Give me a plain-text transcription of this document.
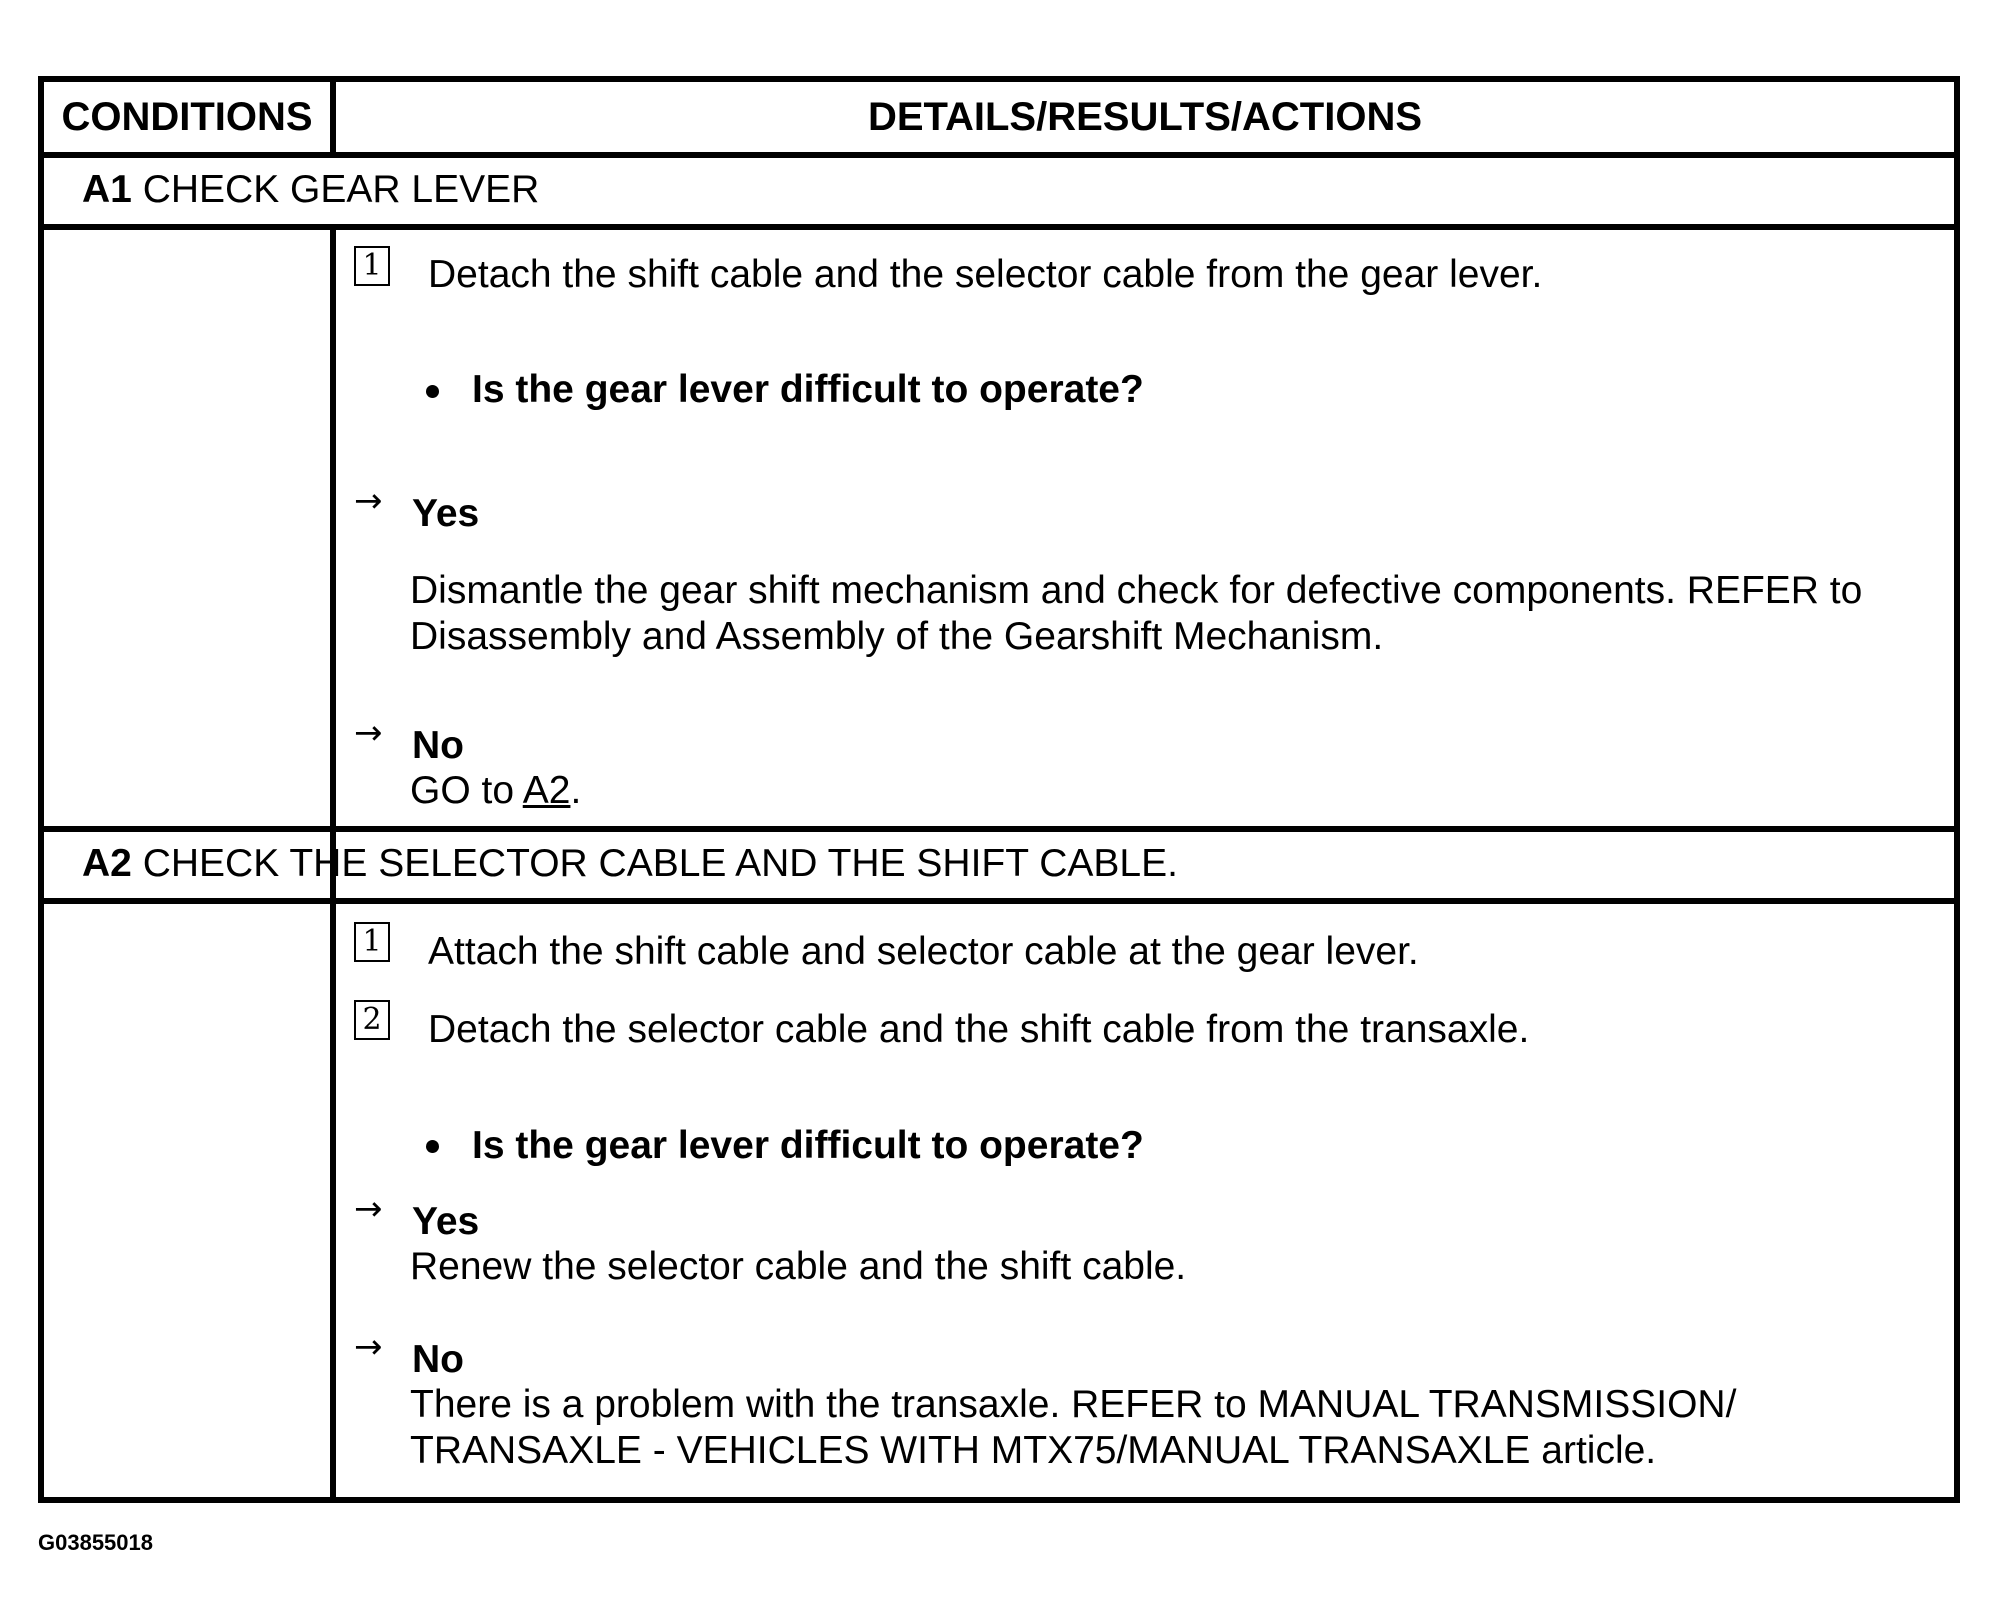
CONDITIONS	DETAILS/RESULTS/ACTIONS
A1 CHECK GEAR LEVER
1 Detach the shift cable and the selector cable from the gear lever.
Is the gear lever difficult to operate?
→ Yes
Dismantle the gear shift mechanism and check for defective components. REFER to Disassembly and Assembly of the Gearshift Mechanism.
→ No
GO to A2.
A2 CHECK THE SELECTOR CABLE AND THE SHIFT CABLE.
1 Attach the shift cable and selector cable at the gear lever.
2 Detach the selector cable and the shift cable from the transaxle.
Is the gear lever difficult to operate?
→ Yes
Renew the selector cable and the shift cable.
→ No
There is a problem with the transaxle. REFER to MANUAL TRANSMISSION/ TRANSAXLE - VEHICLES WITH MTX75/MANUAL TRANSAXLE article.
G03855018
